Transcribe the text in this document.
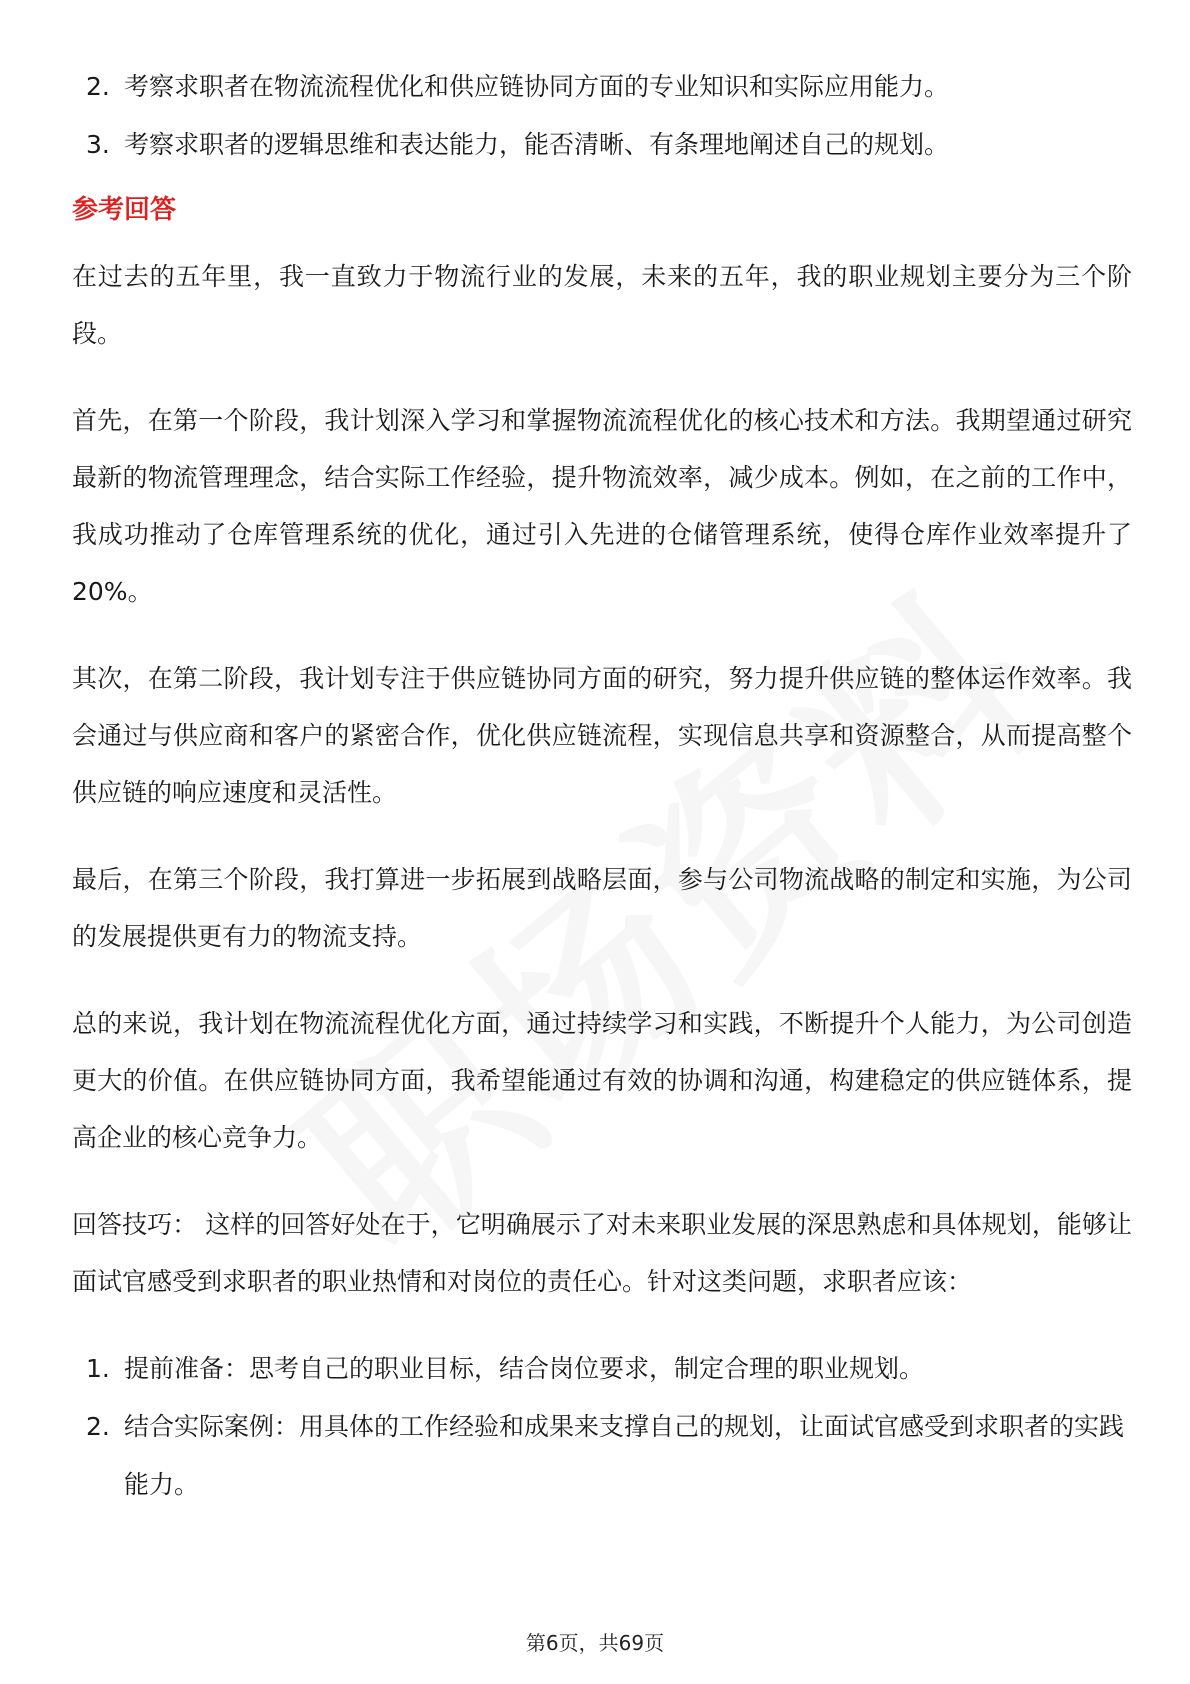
2. 考察求职者在物流流程优化和供应链协同方面的专业知识和实际应用能力。
3. 考察求职者的逻辑思维和表达能力，能否清晰、有条理地阐述自己的规划。
参考回答

在过去的五年里，我一直致力于物流行业的发展，未来的五年，我的职业规划主要分为三个阶段。

首先，在第一个阶段，我计划深入学习和掌握物流流程优化的核心技术和方法。我期望通过研究最新的物流管理理念，结合实际工作经验，提升物流效率，减少成本。例如，在之前的工作中，我成功推动了仓库管理系统的优化，通过引入先进的仓储管理系统，使得仓库作业效率提升了20%。

其次，在第二阶段，我计划专注于供应链协同方面的研究，努力提升供应链的整体运作效率。我会通过与供应商和客户的紧密合作，优化供应链流程，实现信息共享和资源整合，从而提高整个供应链的响应速度和灵活性。

最后，在第三个阶段，我打算进一步拓展到战略层面，参与公司物流战略的制定和实施，为公司的发展提供更有力的物流支持。

总的来说，我计划在物流流程优化方面，通过持续学习和实践，不断提升个人能力，为公司创造更大的价值。在供应链协同方面，我希望能通过有效的协调和沟通，构建稳定的供应链体系，提高企业的核心竞争力。

回答技巧： 这样的回答好处在于，它明确展示了对未来职业发展的深思熟虑和具体规划，能够让面试官感受到求职者的职业热情和对岗位的责任心。针对这类问题，求职者应该：

1. 提前准备：思考自己的职业目标，结合岗位要求，制定合理的职业规划。
2. 结合实际案例：用具体的工作经验和成果来支撑自己的规划，让面试官感受到求职者的实践能力。
第6页，共69页
